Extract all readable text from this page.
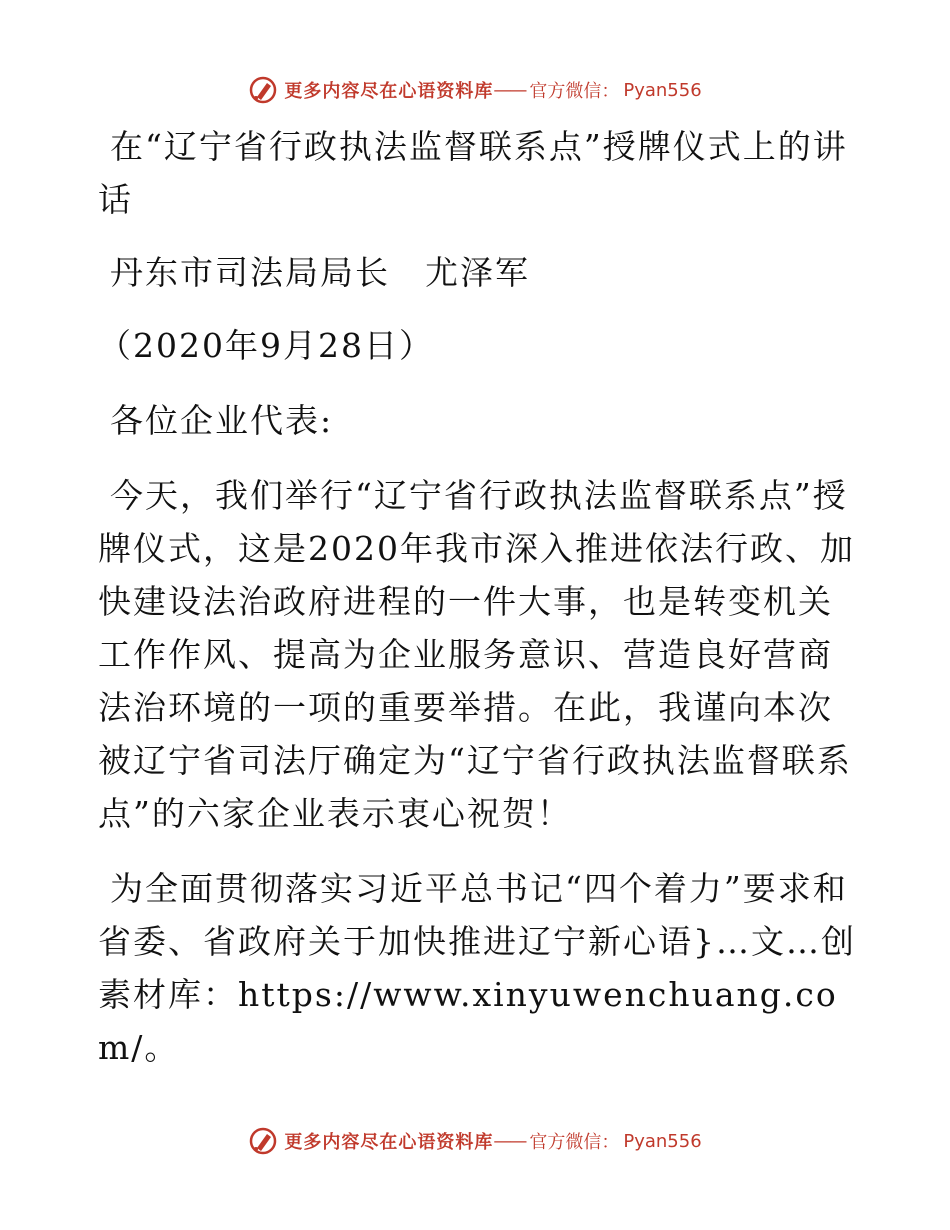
更多内容尽在心语资料库 —— 官方微信： Pyan556

在“辽宁省行政执法监督联系点”授牌仪式上的讲话

丹东市司法局局长　尤泽军

（2020年9月28日）

各位企业代表:

今天，我们举行“辽宁省行政执法监督联系点”授牌仪式，这是2020年我市深入推进依法行政、加快建设法治政府进程的一件大事，也是转变机关工作作风、提高为企业服务意识、营造良好营商法治环境的一项的重要举措。在此，我谨向本次被辽宁省司法厅确定为“辽宁省行政执法监督联系点”的六家企业表示衷心祝贺！

为全面贯彻落实习近平总书记“四个着力”要求和省委、省政府关于加快推进辽宁新心语}…文…创素材库：https://www.xinyuwenchuang.com/。

更多内容尽在心语资料库 —— 官方微信： Pyan556
